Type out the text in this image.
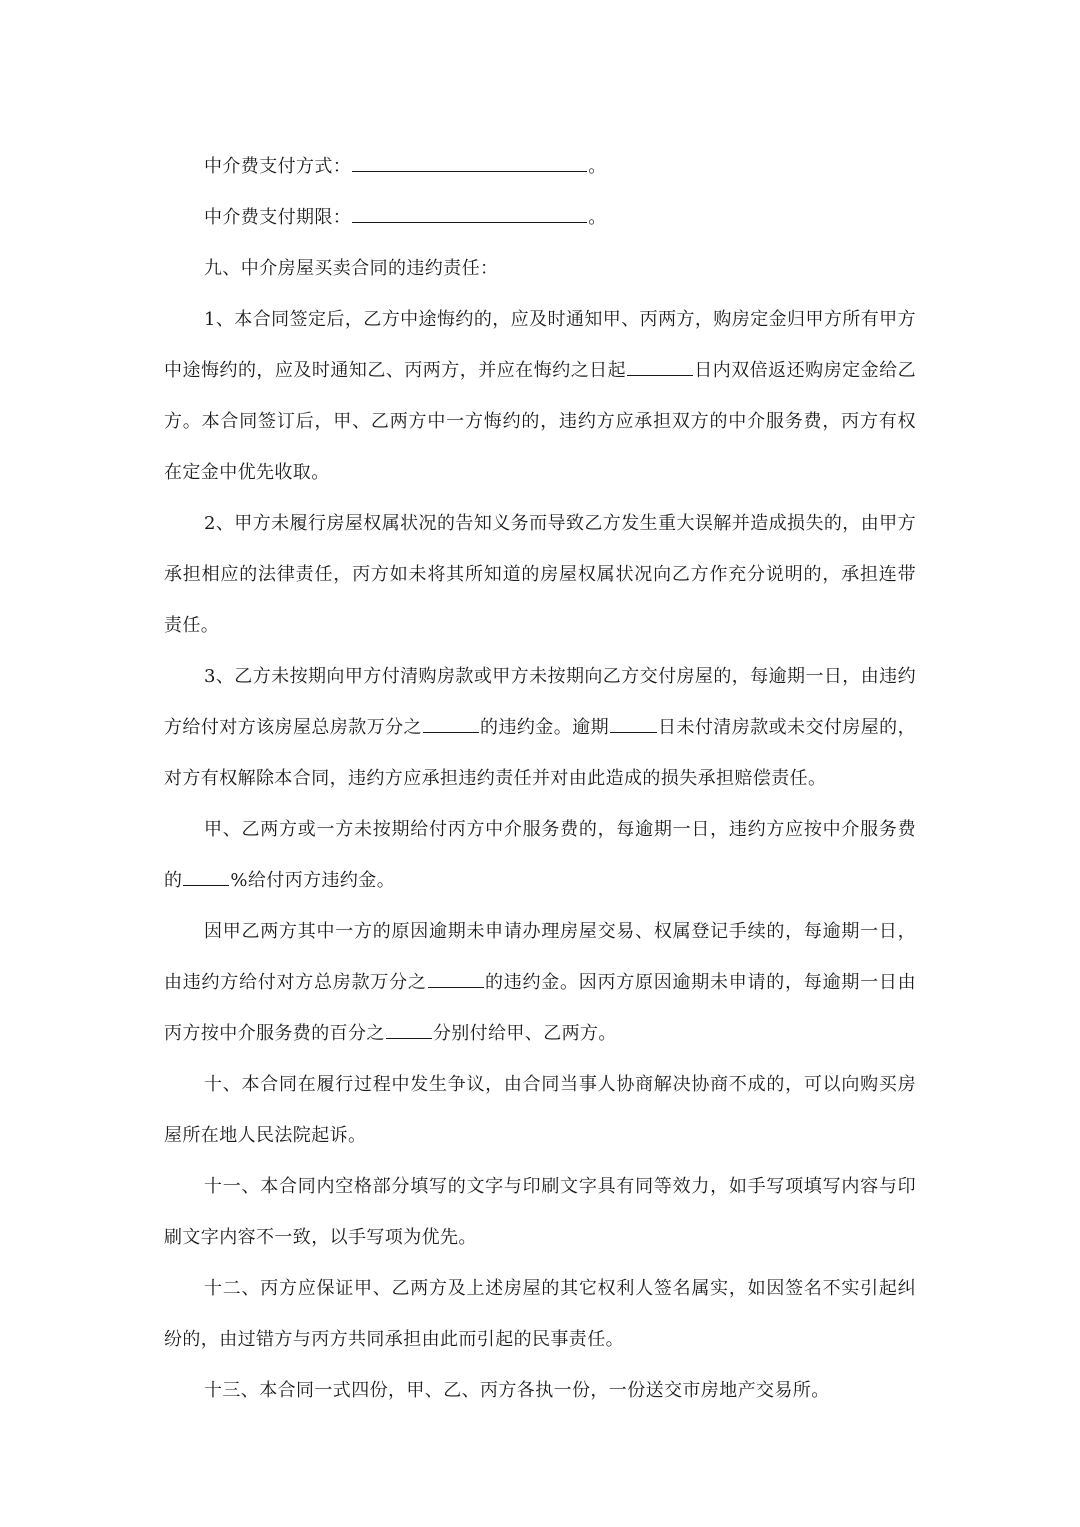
中介费支付方式：	。

中介费支付期限：	。

九、中介房屋买卖合同的违约责任：

1、本合同签定后，乙方中途悔约的，应及时通知甲、丙两方，购房定金归甲方所有甲方中途悔约的，应及时通知乙、丙两方，并应在悔约之日起	日内双倍返还购房定金给乙方。本合同签订后，甲、乙两方中一方悔约的，违约方应承担双方的中介服务费，丙方有权在定金中优先收取。

2、甲方未履行房屋权属状况的告知义务而导致乙方发生重大误解并造成损失的，由甲方承担相应的法律责任，丙方如未将其所知道的房屋权属状况向乙方作充分说明的，承担连带责任。

3、乙方未按期向甲方付清购房款或甲方未按期向乙方交付房屋的，每逾期一日，由违约方给付对方该房屋总房款万分之	的违约金。逾期	日未付清房款或未交付房屋的，对方有权解除本合同，违约方应承担违约责任并对由此造成的损失承担赔偿责任。

甲、乙两方或一方未按期给付丙方中介服务费的，每逾期一日，违约方应按中介服务费的	%给付丙方违约金。

因甲乙两方其中一方的原因逾期未申请办理房屋交易、权属登记手续的，每逾期一日，由违约方给付对方总房款万分之	的违约金。因丙方原因逾期未申请的，每逾期一日由丙方按中介服务费的百分之	分别付给甲、乙两方。

十、本合同在履行过程中发生争议，由合同当事人协商解决协商不成的，可以向购买房屋所在地人民法院起诉。

十一、本合同内空格部分填写的文字与印刷文字具有同等效力，如手写项填写内容与印刷文字内容不一致，以手写项为优先。

十二、丙方应保证甲、乙两方及上述房屋的其它权利人签名属实，如因签名不实引起纠纷的，由过错方与丙方共同承担由此而引起的民事责任。

十三、本合同一式四份，甲、乙、丙方各执一份，一份送交市房地产交易所。
